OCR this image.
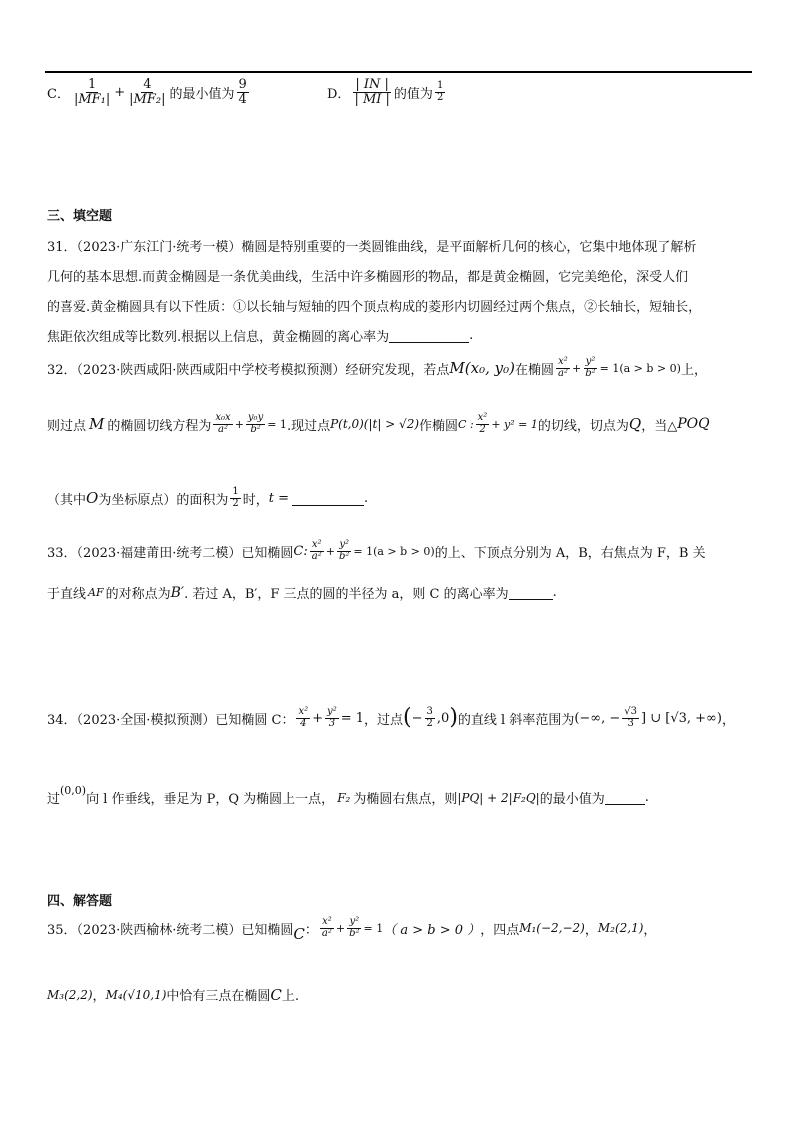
C． $\frac{1}{\text{|MF₁|}} + \frac{4}{\text{|MF₂|}}$ 的最小值为 $\frac{9}{4}$	D． $\frac{| IN |}{| MI |}$ 的值为 $\frac{1}{2}$
三、填空题
31．（2023·广东江门·统考一模）椭圆是特别重要的一类圆锥曲线，是平面解析几何的核心，它集中地体现了解析
几何的基本思想.而黄金椭圆是一条优美曲线，生活中许多椭圆形的物品，都是黄金椭圆，它完美绝伦，深受人们
的喜爱.黄金椭圆具有以下性质：①以长轴与短轴的四个顶点构成的菱形内切圆经过两个焦点，②长轴长，短轴长，
焦距依次组成等比数列.根据以上信息，黄金椭圆的离心率为	.
32．（2023·陕西咸阳·陕西咸阳中学校考模拟预测）经研究发现，若点 M(x₀, y₀) 在椭圆 $\frac{\text{x²}}{\text{a²}} + \frac{\text{y²}}{\text{b²}} = 1(a > b > 0)$ 上，
则过点 M 的椭圆切线方程为 $\frac{\text{x₀x}}{\text{a²}} + \frac{\text{y₀y}}{\text{b²}} = 1$ .现过点 P(t,0)(|t| > √2) 作椭圆 C : $\frac{\text{x²}}{2} + y^2 = 1$ 的切线，切点为 Q ，当△ POQ
（其中 O 为坐标原点）的面积为 $\frac{1}{2}$ 时， t =	.
33．（2023·福建莆田·统考二模）已知椭圆 C: $\frac{\text{x²}}{\text{a²}} + \frac{\text{y²}}{\text{b²}} = 1(a > b > 0)$ 的上、下顶点分别为 A，B，右焦点为 F，B 关
于直线 AF 的对称点为 B′ . 若过 A，B′，F 三点的圆的半径为 a，则 C 的离心率为	.
34．（2023·全国·模拟预测）已知椭圆 C： $\frac{\text{x²}}{4} + \frac{\text{y²}}{3} = 1$ ，过点 ( − $\frac{3}{2} ,0$ ) 的直线 l 斜率范围为 (−∞, − $\frac{√3}{3}$ ] ∪ [√3, +∞) ，
过
(0,0)
向 l 作垂线，垂足为 P，Q 为椭圆上一点， F₂ 为椭圆右焦点，则 |PQ| + 2|F₂Q| 的最小值为	.
四、解答题
35．（2023·陕西榆林·统考二模）已知椭圆 C ： $\frac{\text{x²}}{\text{a²}} + \frac{\text{y²}}{\text{b²}} = 1$ （ a > b > 0 ） ，四点 M₁(−2,−2) ， M₂(2,1) ，
M₃(2,2) ， M₄(√10,1) 中恰有三点在椭圆 C 上.
